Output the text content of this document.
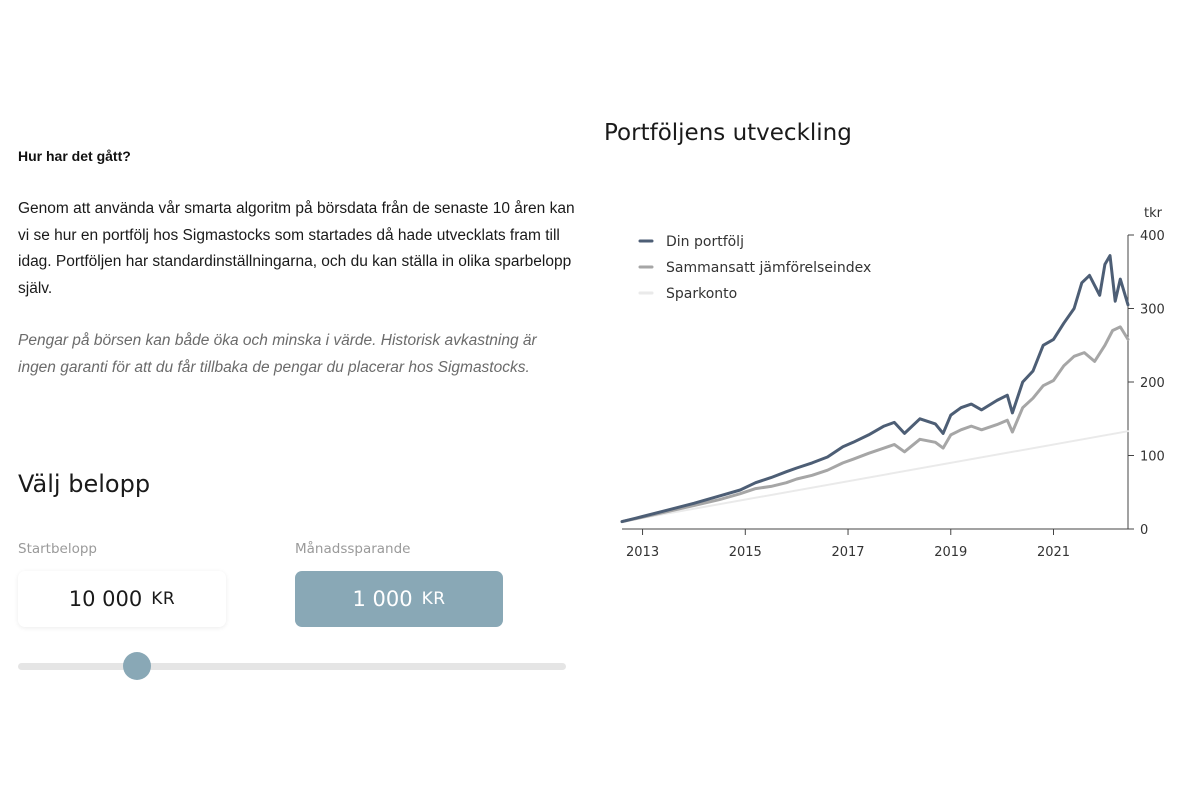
Hur har det gått?

Genom att använda vår smarta algoritm på börsdata från de senaste 10 åren kan vi se hur en portfölj hos Sigmastocks som startades då hade utvecklats fram till idag. Portföljen har standardinställningarna, och du kan ställa in olika sparbelopp själv.

Pengar på börsen kan både öka och minska i värde. Historisk avkastning är ingen garanti för att du får tillbaka de pengar du placerar hos Sigmastocks.

Välj belopp
Startbelopp	Månadssparande
10 000 KR	1 000 KR
Portföljens utveckling
0
100
200
300
400
tkr
2013	2015	2017	2019	2021
Din portfölj
Sammansatt jämförelseindex
Sparkonto
